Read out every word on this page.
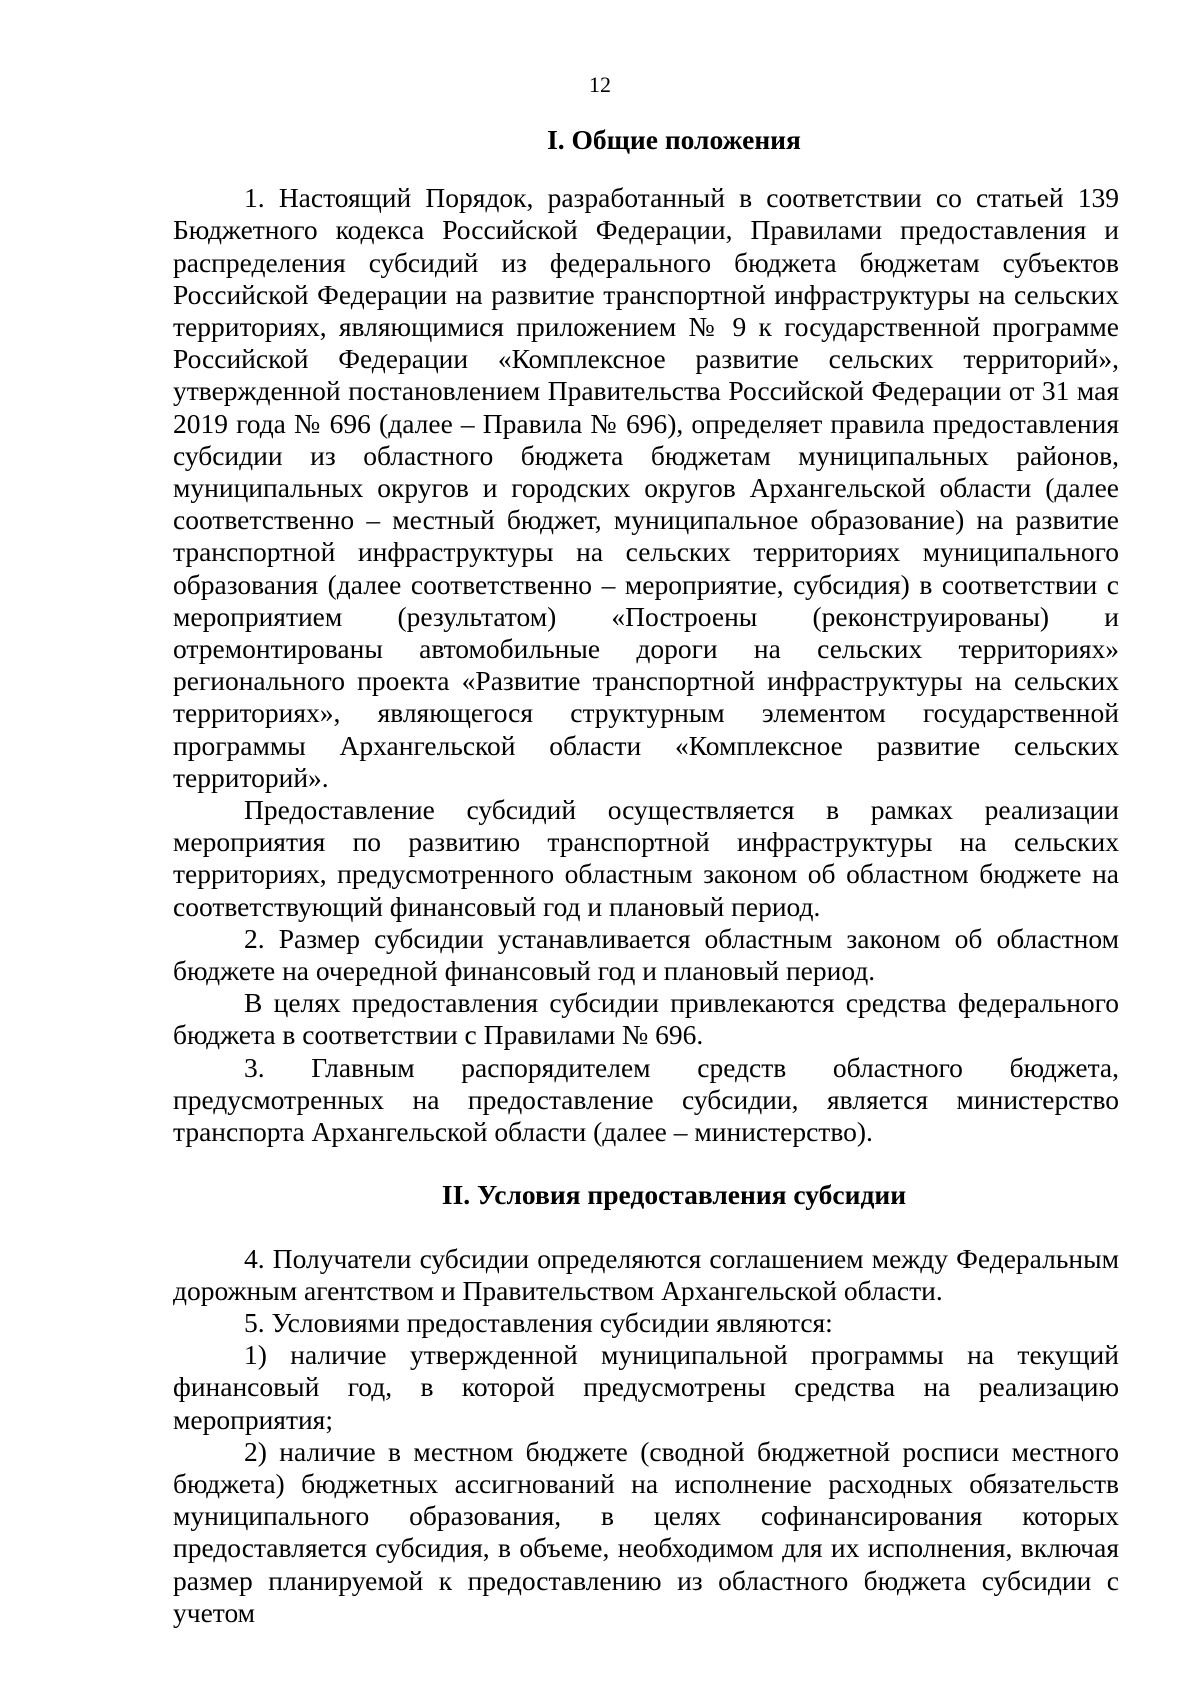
12
I. Общие положения

1. Настоящий Порядок, разработанный в соответствии со статьей 139 Бюджетного кодекса Российской Федерации, Правилами предоставления и распределения субсидий из федерального бюджета бюджетам субъектов Российской Федерации на развитие транспортной инфраструктуры на сельских территориях, являющимися приложением № 9 к государственной программе Российской Федерации «Комплексное развитие сельских территорий», утвержденной постановлением Правительства Российской Федерации от 31 мая 2019 года № 696 (далее – Правила № 696), определяет правила предоставления субсидии из областного бюджета бюджетам муниципальных районов, муниципальных округов и городских округов Архангельской области (далее соответственно – местный бюджет, муниципальное образование) на развитие транспортной инфраструктуры на сельских территориях муниципального образования (далее соответственно – мероприятие, субсидия) в соответствии с мероприятием (результатом) «Построены (реконструированы) и отремонтированы автомобильные дороги на сельских территориях» регионального проекта «Развитие транспортной инфраструктуры на сельских территориях», являющегося структурным элементом государственной программы Архангельской области «Комплексное развитие сельских территорий».

Предоставление субсидий осуществляется в рамках реализации мероприятия по развитию транспортной инфраструктуры на сельских территориях, предусмотренного областным законом об областном бюджете на соответствующий финансовый год и плановый период.

2. Размер субсидии устанавливается областным законом об областном бюджете на очередной финансовый год и плановый период.

В целях предоставления субсидии привлекаются средства федерального бюджета в соответствии с Правилами № 696.

3. Главным распорядителем средств областного бюджета, предусмотренных на предоставление субсидии, является министерство транспорта Архангельской области (далее – министерство).

II. Условия предоставления субсидии

4. Получатели субсидии определяются соглашением между Федеральным дорожным агентством и Правительством Архангельской области.

5. Условиями предоставления субсидии являются:

1) наличие утвержденной муниципальной программы на текущий финансовый год, в которой предусмотрены средства на реализацию мероприятия;

2) наличие в местном бюджете (сводной бюджетной росписи местного бюджета) бюджетных ассигнований на исполнение расходных обязательств муниципального образования, в целях софинансирования которых предоставляется субсидия, в объеме, необходимом для их исполнения, включая размер планируемой к предоставлению из областного бюджета субсидии с учетом
